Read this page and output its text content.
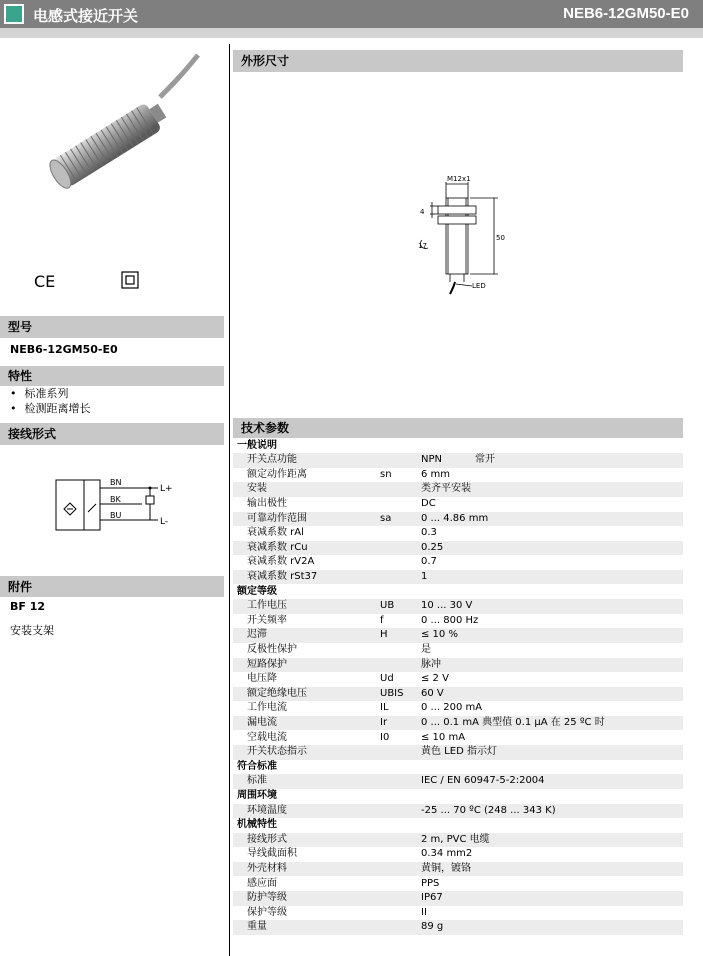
电感式接近开关	NEB6-12GM50-E0
CE
型号
NEB6-12GM50-E0
特性
• 标准系列
• 检测距离增长
接线形式
BN
BK
BU
L+
L-
附件
BF 12
安装支架
外形尺寸
M12x1
4
17
50
LED
技术参数
一般说明
开关点功能	NPN	常开
额定动作距离	sn	6 mm
安装	类齐平安装
输出极性	DC
可靠动作范围	sa	0 ... 4.86 mm
衰减系数 rAl	0.3
衰减系数 rCu	0.25
衰减系数 rV2A	0.7
衰减系数 rSt37	1
额定等级
工作电压	UB	10 ... 30 V
开关频率	f	0 ... 800 Hz
迟滞	H	≤ 10 %
反极性保护	是
短路保护	脉冲
电压降	Ud	≤ 2 V
额定绝缘电压	UBIS 60 V
工作电流	IL	0 ... 200 mA
漏电流	Ir	0 ... 0.1 mA 典型值 0.1 μA 在 25 ºC 时
空载电流	I0	≤ 10 mA
开关状态指示	黄色 LED 指示灯
符合标准
标准	IEC / EN 60947-5-2:2004
周围环境
环境温度	-25 ... 70 ºC (248 ... 343 K)
机械特性
接线形式	2 m, PVC 电缆
导线截面积	0.34 mm2
外壳材料	黄铜，镀铬
感应面	PPS
防护等级	IP67
保护等级	II
重量	89 g
